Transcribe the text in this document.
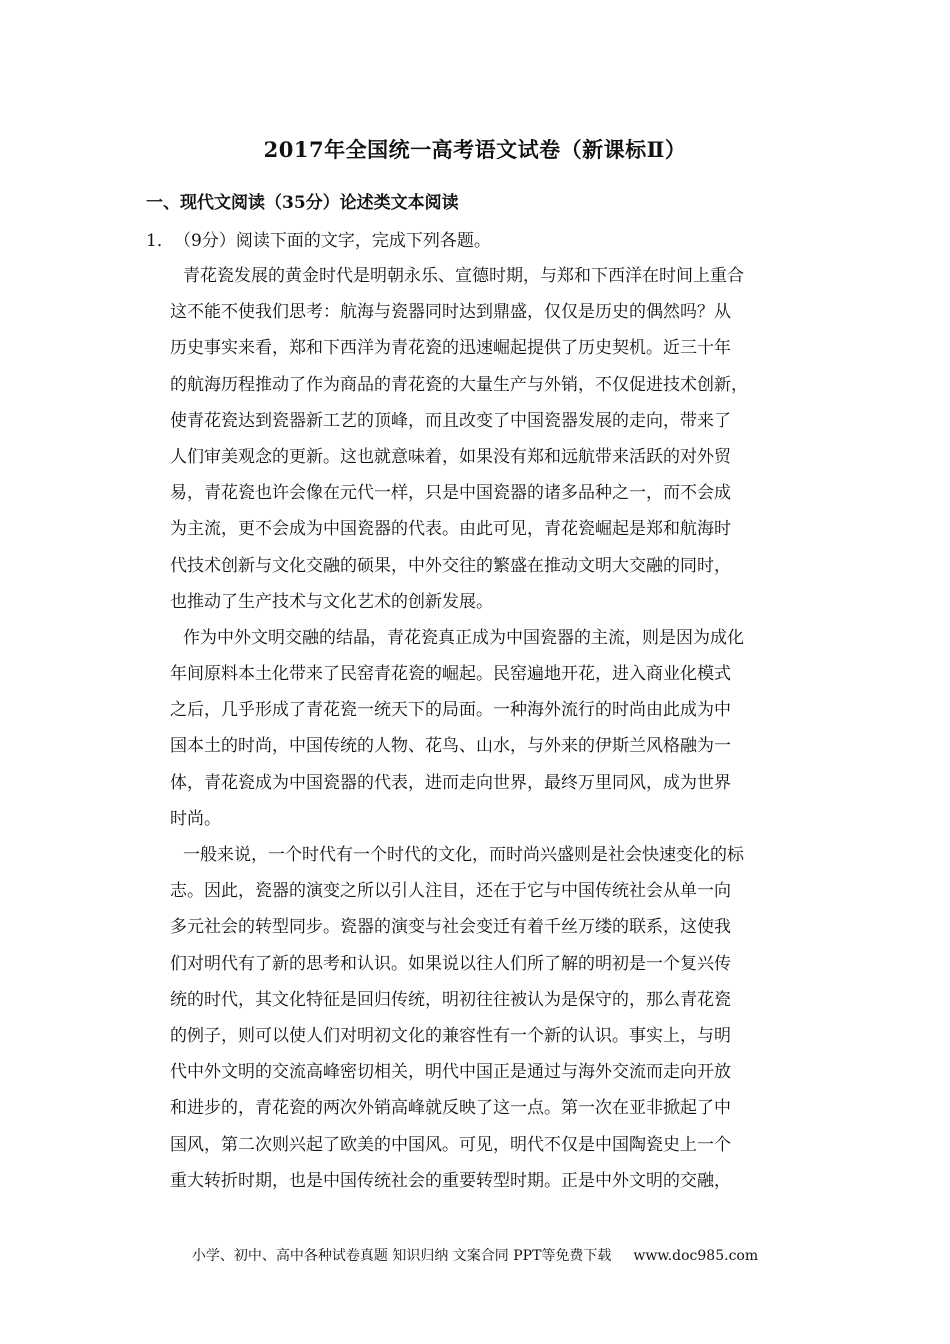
2017年全国统一高考语文试卷（新课标Ⅱ）
一、现代文阅读（35分）论述类文本阅读
1．（9分）阅读下面的文字，完成下列各题。
青花瓷发展的黄金时代是明朝永乐、宣德时期，与郑和下西洋在时间上重合
这不能不使我们思考：航海与瓷器同时达到鼎盛，仅仅是历史的偶然吗？从
历史事实来看，郑和下西洋为青花瓷的迅速崛起提供了历史契机。近三十年
的航海历程推动了作为商品的青花瓷的大量生产与外销，不仅促进技术创新，
使青花瓷达到瓷器新工艺的顶峰，而且改变了中国瓷器发展的走向，带来了
人们审美观念的更新。这也就意味着，如果没有郑和远航带来活跃的对外贸
易，青花瓷也许会像在元代一样，只是中国瓷器的诸多品种之一，而不会成
为主流，更不会成为中国瓷器的代表。由此可见，青花瓷崛起是郑和航海时
代技术创新与文化交融的硕果，中外交往的繁盛在推动文明大交融的同时，
也推动了生产技术与文化艺术的创新发展。
作为中外文明交融的结晶，青花瓷真正成为中国瓷器的主流，则是因为成化
年间原料本土化带来了民窑青花瓷的崛起。民窑遍地开花，进入商业化模式
之后，几乎形成了青花瓷一统天下的局面。一种海外流行的时尚由此成为中
国本土的时尚，中国传统的人物、花鸟、山水，与外来的伊斯兰风格融为一
体，青花瓷成为中国瓷器的代表，进而走向世界，最终万里同风，成为世界
时尚。
一般来说，一个时代有一个时代的文化，而时尚兴盛则是社会快速变化的标
志。因此，瓷器的演变之所以引人注目，还在于它与中国传统社会从单一向
多元社会的转型同步。瓷器的演变与社会变迁有着千丝万缕的联系，这使我
们对明代有了新的思考和认识。如果说以往人们所了解的明初是一个复兴传
统的时代，其文化特征是回归传统，明初往往被认为是保守的，那么青花瓷
的例子，则可以使人们对明初文化的兼容性有一个新的认识。事实上，与明
代中外文明的交流高峰密切相关，明代中国正是通过与海外交流而走向开放
和进步的，青花瓷的两次外销高峰就反映了这一点。第一次在亚非掀起了中
国风，第二次则兴起了欧美的中国风。可见，明代不仅是中国陶瓷史上一个
重大转折时期，也是中国传统社会的重要转型时期。正是中外文明的交融，
小学、初中、高中各种试卷真题 知识归纳 文案合同 PPT等免费下载 www.doc985.com
